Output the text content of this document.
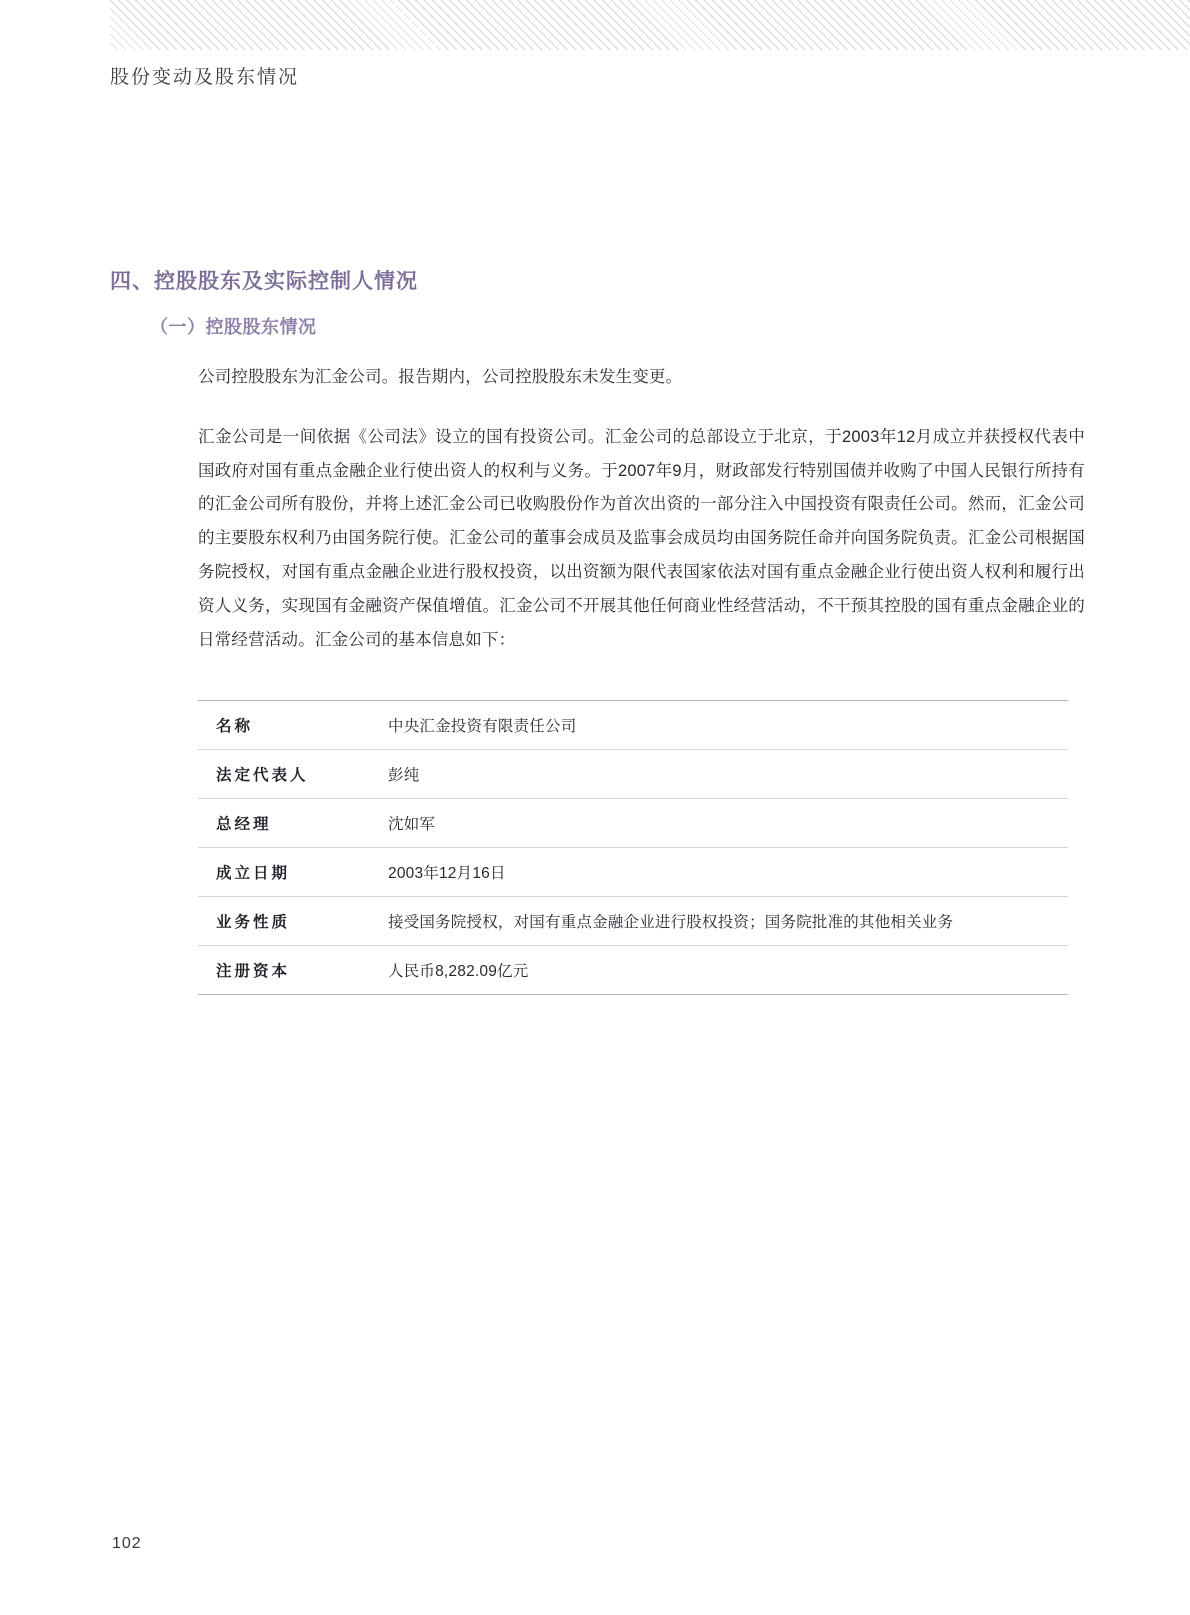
股份变动及股东情况
四、控股股东及实际控制人情况
（一）控股股东情况

公司控股股东为汇金公司。报告期内，公司控股股东未发生变更。

汇金公司是一间依据《公司法》设立的国有投资公司。汇金公司的总部设立于北京，于2003年12月成立并获授权代表中国政府对国有重点金融企业行使出资人的权利与义务。于2007年9月，财政部发行特别国债并收购了中国人民银行所持有的汇金公司所有股份，并将上述汇金公司已收购股份作为首次出资的一部分注入中国投资有限责任公司。然而，汇金公司的主要股东权利乃由国务院行使。汇金公司的董事会成员及监事会成员均由国务院任命并向国务院负责。汇金公司根据国务院授权，对国有重点金融企业进行股权投资，以出资额为限代表国家依法对国有重点金融企业行使出资人权利和履行出资人义务，实现国有金融资产保值增值。汇金公司不开展其他任何商业性经营活动，不干预其控股的国有重点金融企业的日常经营活动。汇金公司的基本信息如下：

名称	中央汇金投资有限责任公司
法定代表人	彭纯
总经理	沈如军
成立日期	2003年12月16日
业务性质	接受国务院授权，对国有重点金融企业进行股权投资；国务院批准的其他相关业务
注册资本	人民币8,282.09亿元
102
